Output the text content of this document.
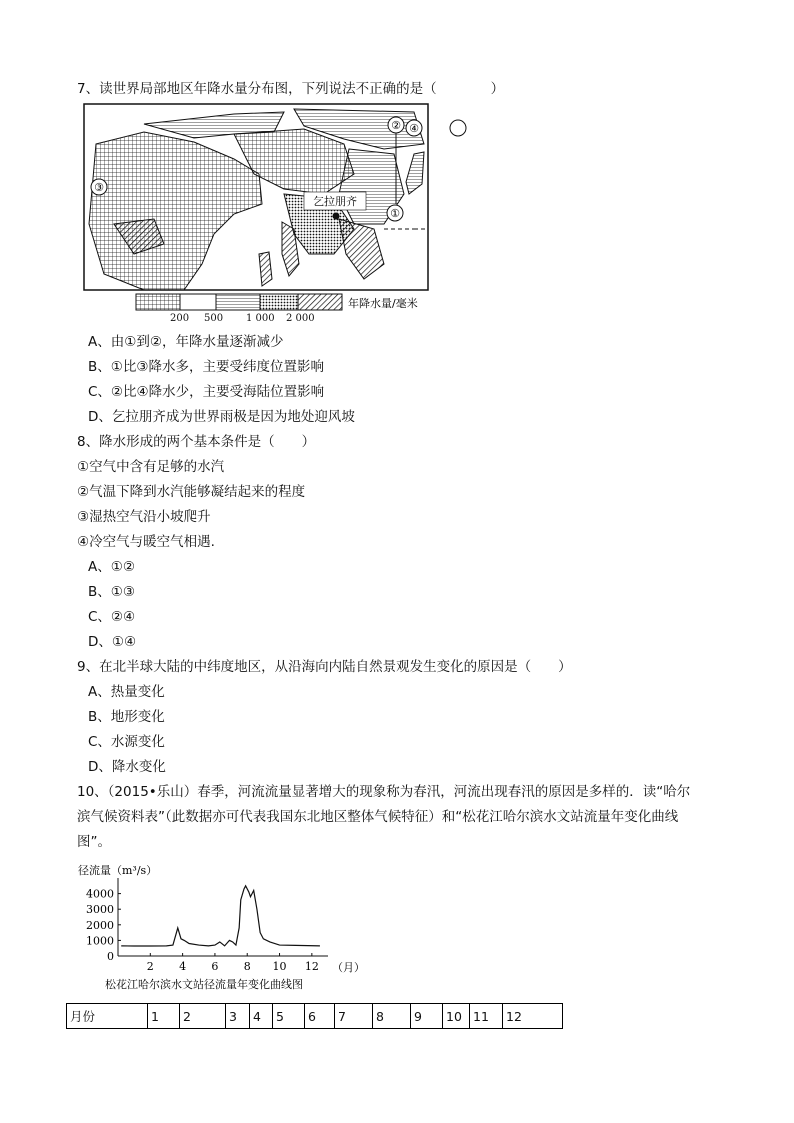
7、读世界局部地区年降水量分布图，下列说法不正确的是（　　　　）
①
②
③
④
乞拉朋齐
年降水量/毫米
200 500 1 000 2 000
A、由①到②，年降水量逐渐减少
B、①比③降水多，主要受纬度位置影响
C、②比④降水少，主要受海陆位置影响
D、乞拉朋齐成为世界雨极是因为地处迎风坡
8、降水形成的两个基本条件是（　　）
①空气中含有足够的水汽
②气温下降到水汽能够凝结起来的程度
③湿热空气沿小坡爬升
④冷空气与暖空气相遇.
A、①②
B、①③
C、②④
D、①④
9、在北半球大陆的中纬度地区，从沿海向内陆自然景观发生变化的原因是（　　）
A、热量变化
B、地形变化
C、水源变化
D、降水变化
10、（2015•乐山）春季，河流流量显著增大的现象称为春汛，河流出现春汛的原因是多样的．读“哈尔
滨气候资料表”（此数据亦可代表我国东北地区整体气候特征）和“松花江哈尔滨水文站流量年变化曲线
图”。
径流量（m³/s）
0
1000
2000
3000
4000
2 4 6 8 10 12 （月）
松花江哈尔滨水文站径流量年变化曲线图
月份	1	2	3	4	5	6	7	8	9	10	11	12
